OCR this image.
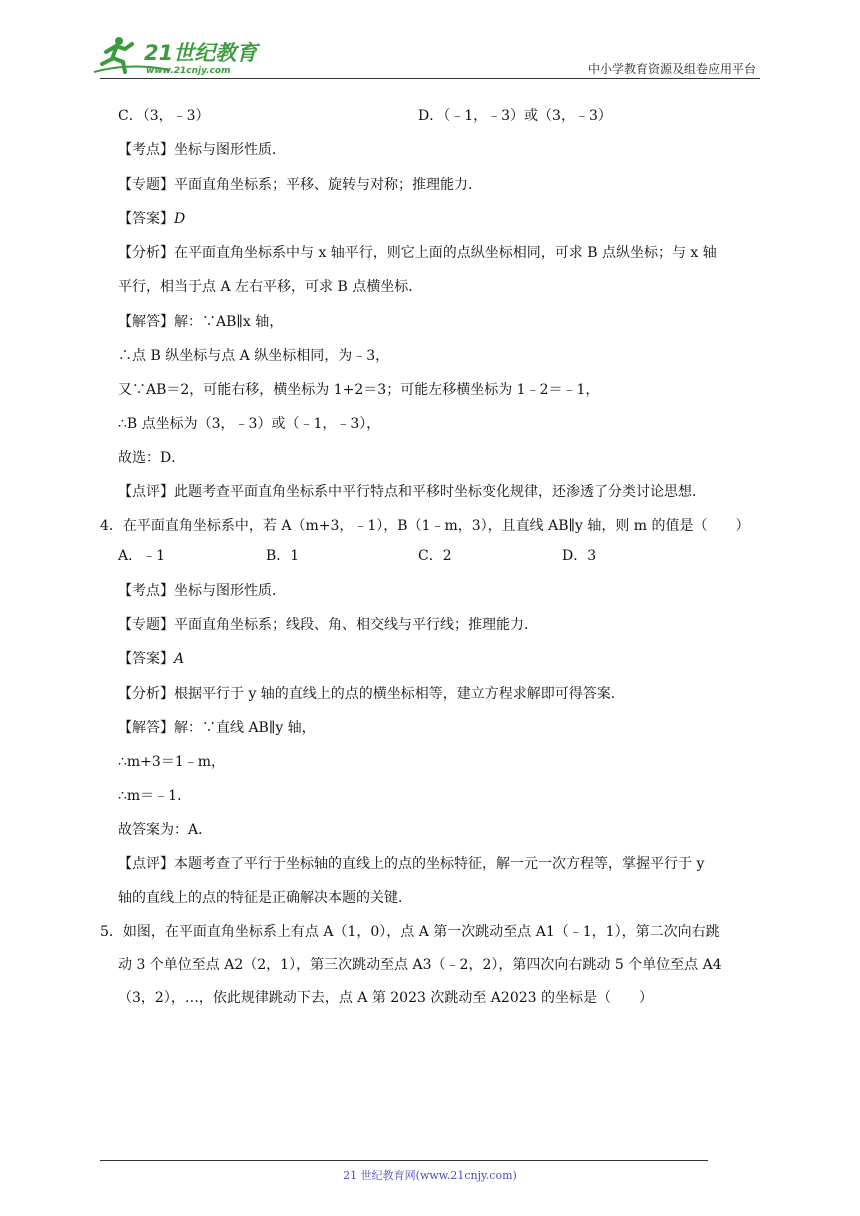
21世纪教育
www.21cnjy.com	中小学教育资源及组卷应用平台
C．（3，﹣3）	D．（﹣1，﹣3）或（3，﹣3）
【考点】坐标与图形性质．
【专题】平面直角坐标系；平移、旋转与对称；推理能力．
【答案】D
【分析】在平面直角坐标系中与 x 轴平行，则它上面的点纵坐标相同，可求 B 点纵坐标；与 x 轴
平行，相当于点 A 左右平移，可求 B 点横坐标．
【解答】解：∵AB∥x 轴，
∴点 B 纵坐标与点 A 纵坐标相同，为﹣3，
又∵AB＝2，可能右移，横坐标为 1+2＝3；可能左移横坐标为 1﹣2＝﹣1，
∴B 点坐标为（3，﹣3）或（﹣1，﹣3），
故选：D．
【点评】此题考查平面直角坐标系中平行特点和平移时坐标变化规律，还渗透了分类讨论思想．
4．在平面直角坐标系中，若 A（m+3，﹣1），B（1﹣m，3），且直线 AB∥y 轴，则 m 的值是（　　）
A．﹣1	B．1	C．2	D．3
【考点】坐标与图形性质．
【专题】平面直角坐标系；线段、角、相交线与平行线；推理能力．
【答案】A
【分析】根据平行于 y 轴的直线上的点的横坐标相等，建立方程求解即可得答案．
【解答】解：∵直线 AB∥y 轴，
∴m+3＝1﹣m，
∴m＝﹣1．
故答案为：A．
【点评】本题考查了平行于坐标轴的直线上的点的坐标特征，解一元一次方程等，掌握平行于 y
轴的直线上的点的特征是正确解决本题的关键．
5．如图，在平面直角坐标系上有点 A（1，0），点 A 第一次跳动至点 A1（﹣1，1），第二次向右跳
动 3 个单位至点 A2（2，1），第三次跳动至点 A3（﹣2，2），第四次向右跳动 5 个单位至点 A4
（3，2），…，依此规律跳动下去，点 A 第 2023 次跳动至 A2023 的坐标是（　　）
21 世纪教育网(www.21cnjy.com)
